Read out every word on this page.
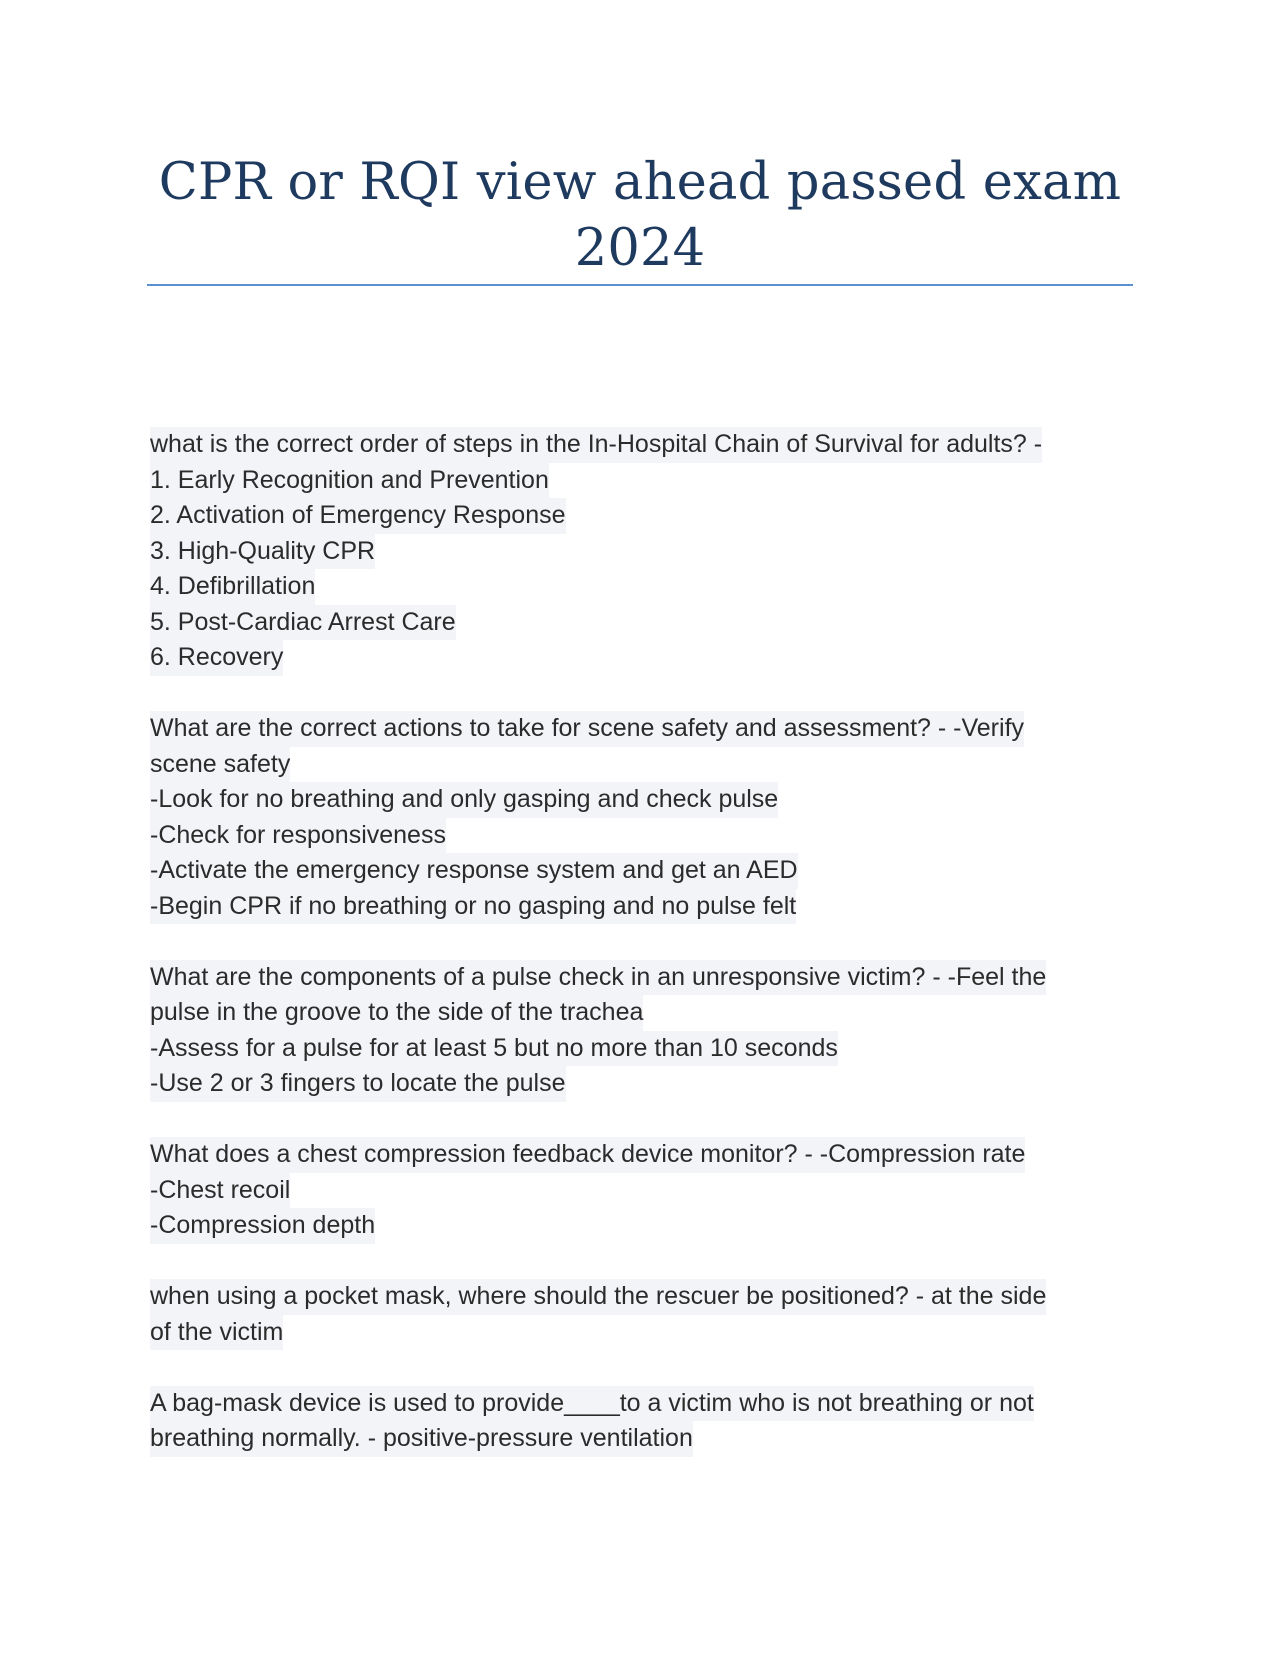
CPR or RQI view ahead passed exam
2024
what is the correct order of steps in the In-Hospital Chain of Survival for adults? -
1. Early Recognition and Prevention
2. Activation of Emergency Response
3. High-Quality CPR
4. Defibrillation
5. Post-Cardiac Arrest Care
6. Recovery
What are the correct actions to take for scene safety and assessment? - -Verify
scene safety
-Look for no breathing and only gasping and check pulse
-Check for responsiveness
-Activate the emergency response system and get an AED
-Begin CPR if no breathing or no gasping and no pulse felt
What are the components of a pulse check in an unresponsive victim? - -Feel the
pulse in the groove to the side of the trachea
-Assess for a pulse for at least 5 but no more than 10 seconds
-Use 2 or 3 fingers to locate the pulse
What does a chest compression feedback device monitor? - -Compression rate
-Chest recoil
-Compression depth
when using a pocket mask, where should the rescuer be positioned? - at the side
of the victim
A bag-mask device is used to provide____to a victim who is not breathing or not
breathing normally. - positive-pressure ventilation
